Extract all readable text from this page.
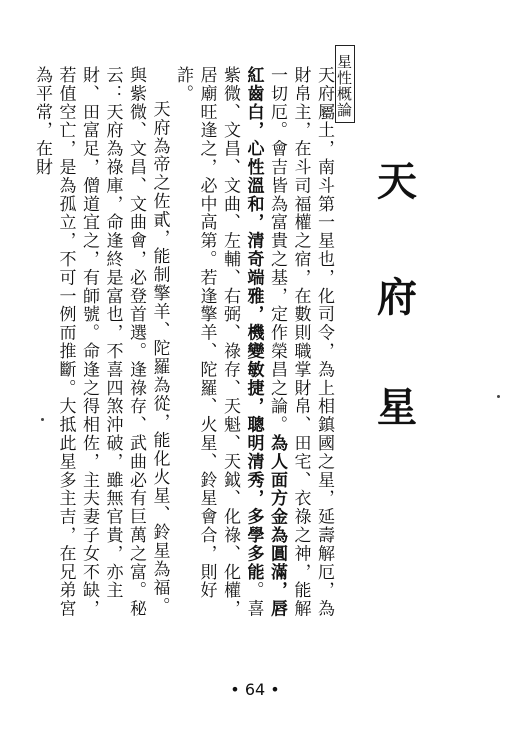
星性概論
天
府
星

天府屬土，南斗第一星也，化司令，為上相鎮國之星，延壽解厄，為財帛主，在斗司福權之宿，在數則職掌財帛、田宅、衣祿之神，能解一切厄。會吉皆為富貴之基，定作榮昌之論。為人面方金為圓滿，唇紅齒白，心性溫和，清奇端雅，機變敏捷，聰明清秀，多學多能。喜紫微、文昌、文曲、左輔、右弼、祿存、天魁、天鉞、化祿、化權，居廟旺逢之，必中高第。若逢擎羊、陀羅、火星、鈴星會合，則好詐。

天府為帝之佐貳，能制擎羊、陀羅為從，能化火星、鈴星為福。與紫微、文昌、文曲會，必登首選。逢祿存、武曲必有巨萬之富。秘云：天府為祿庫，命逢終是富也，不喜四煞沖破，雖無官貴，亦主財、田富足，僧道宜之，有師號。命逢之得相佐，主夫妻子女不缺，若值空亡，是為孤立，不可一例而推斷。大抵此星多主吉，在兄弟宮為平常，在財

• 64 •
